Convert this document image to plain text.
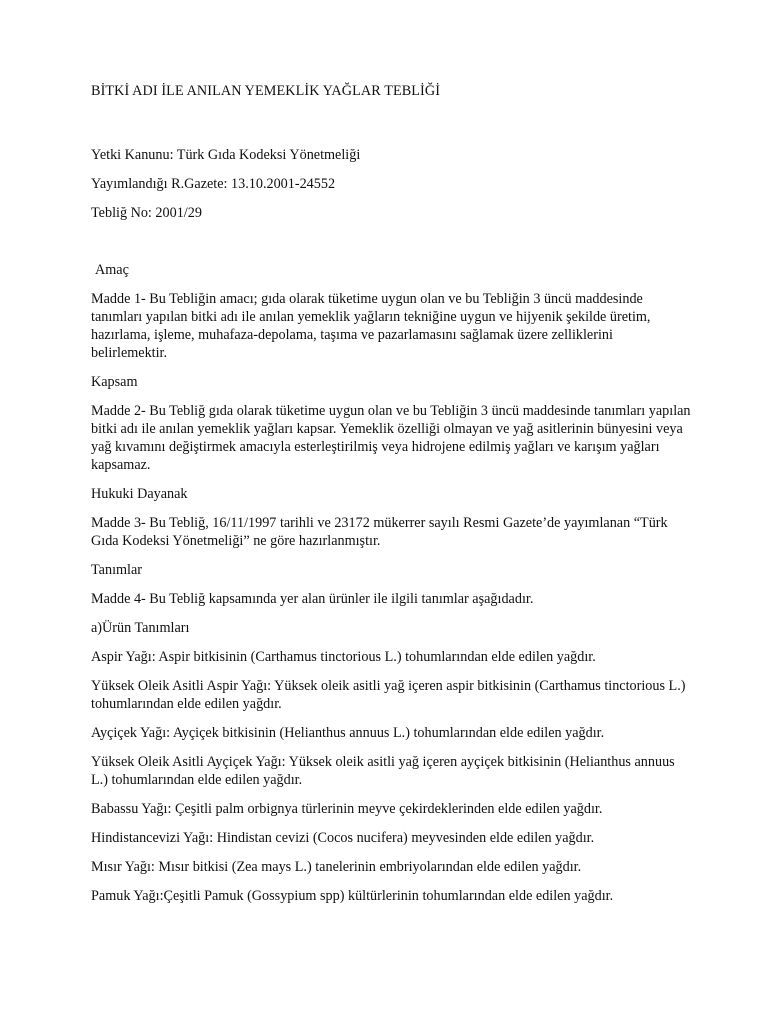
BİTKİ ADI İLE ANILAN YEMEKLİK YAĞLAR TEBLİĞİ

Yetki Kanunu: Türk Gıda Kodeksi Yönetmeliği

Yayımlandığı R.Gazete: 13.10.2001-24552

Tebliğ No: 2001/29

Amaç

Madde 1- Bu Tebliğin amacı; gıda olarak tüketime uygun olan ve bu Tebliğin 3 üncü maddesinde tanımları yapılan bitki adı ile anılan yemeklik yağların tekniğine uygun ve hijyenik şekilde üretim, hazırlama, işleme, muhafaza-depolama, taşıma ve pazarlamasını sağlamak üzere zelliklerini belirlemektir.

Kapsam

Madde 2- Bu Tebliğ gıda olarak tüketime uygun olan ve bu Tebliğin 3 üncü maddesinde tanımları yapılan bitki adı ile anılan yemeklik yağları kapsar. Yemeklik özelliği olmayan ve yağ asitlerinin bünyesini veya yağ kıvamını değiştirmek amacıyla esterleştirilmiş veya hidrojene edilmiş yağları ve karışım yağları kapsamaz.

Hukuki Dayanak

Madde 3- Bu Tebliğ, 16/11/1997 tarihli ve 23172 mükerrer sayılı Resmi Gazete’de yayımlanan “Türk Gıda Kodeksi Yönetmeliği” ne göre hazırlanmıştır.

Tanımlar

Madde 4- Bu Tebliğ kapsamında yer alan ürünler ile ilgili tanımlar aşağıdadır.

a)Ürün Tanımları

Aspir Yağı: Aspir bitkisinin (Carthamus tinctorious L.) tohumlarından elde edilen yağdır.

Yüksek Oleik Asitli Aspir Yağı: Yüksek oleik asitli yağ içeren aspir bitkisinin (Carthamus tinctorious L.) tohumlarından elde edilen yağdır.

Ayçiçek Yağı: Ayçiçek bitkisinin (Helianthus annuus L.) tohumlarından elde edilen yağdır.

Yüksek Oleik Asitli Ayçiçek Yağı: Yüksek oleik asitli yağ içeren ayçiçek bitkisinin (Helianthus annuus L.) tohumlarından elde edilen yağdır.

Babassu Yağı: Çeşitli palm orbignya türlerinin meyve çekirdeklerinden elde edilen yağdır.

Hindistancevizi Yağı: Hindistan cevizi (Cocos nucifera) meyvesinden elde edilen yağdır.

Mısır Yağı: Mısır bitkisi (Zea mays L.) tanelerinin embriyolarından elde edilen yağdır.

Pamuk Yağı:Çeşitli Pamuk (Gossypium spp) kültürlerinin tohumlarından elde edilen yağdır.
